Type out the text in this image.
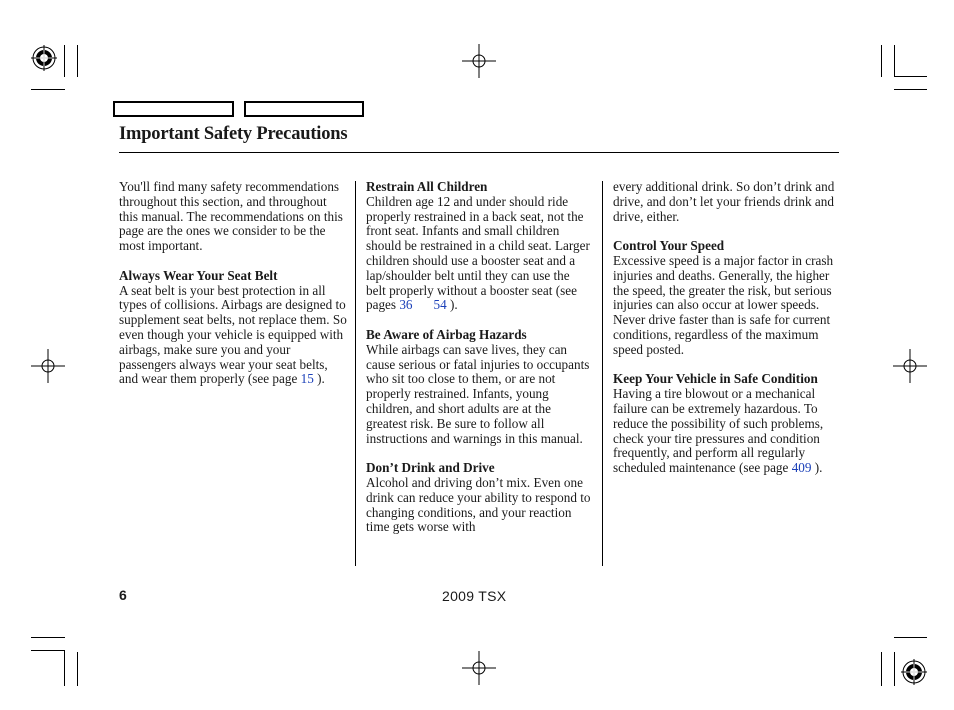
Important Safety Precautions

You'll find many safety recommendations throughout this section, and throughout this manual. The recommendations on this page are the ones we consider to be the most important.

Always Wear Your Seat Belt

A seat belt is your best protection in all types of collisions. Airbags are designed to supplement seat belts, not replace them. So even though your vehicle is equipped with airbags, make sure you and your passengers always wear your seat belts, and wear them properly (see page 15 ).

Restrain All Children

Children age 12 and under should ride properly restrained in a back seat, not the front seat. Infants and small children should be restrained in a child seat. Larger children should use a booster seat and a lap/shoulder belt until they can use the belt properly without a booster seat (see pages 36 54 ).

Be Aware of Airbag Hazards

While airbags can save lives, they can cause serious or fatal injuries to occupants who sit too close to them, or are not properly restrained. Infants, young children, and short adults are at the greatest risk. Be sure to follow all instructions and warnings in this manual.

Don’t Drink and Drive

Alcohol and driving don’t mix. Even one drink can reduce your ability to respond to changing conditions, and your reaction time gets worse with

every additional drink. So don’t drink and drive, and don’t let your friends drink and drive, either.

Control Your Speed

Excessive speed is a major factor in crash injuries and deaths. Generally, the higher the speed, the greater the risk, but serious injuries can also occur at lower speeds. Never drive faster than is safe for current conditions, regardless of the maximum speed posted.

Keep Your Vehicle in Safe Condition

Having a tire blowout or a mechanical failure can be extremely hazardous. To reduce the possibility of such problems, check your tire pressures and condition frequently, and perform all regularly scheduled maintenance (see page 409 ).

6	2009 TSX
